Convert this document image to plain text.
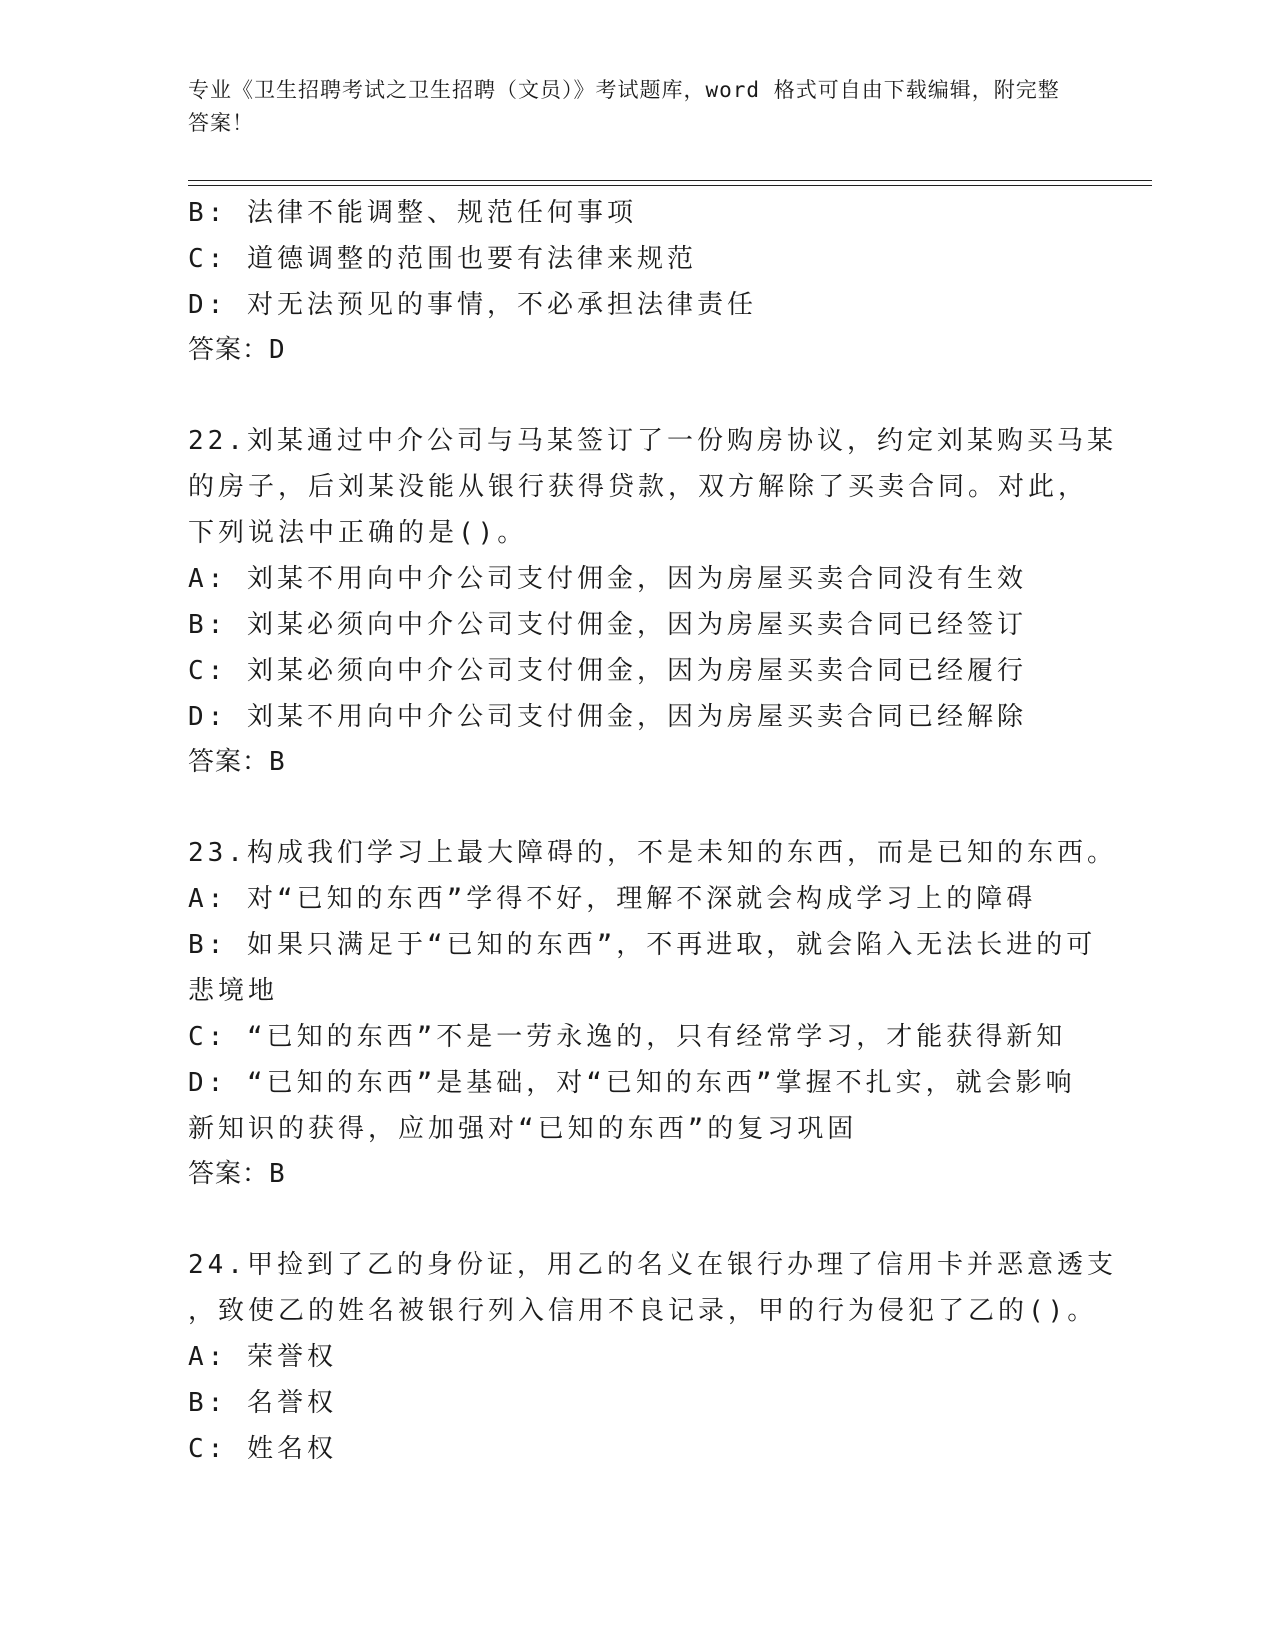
专业《卫生招聘考试之卫生招聘（文员）》考试题库，word 格式可自由下载编辑，附完整答案！
B: 法律不能调整、规范任何事项
C: 道德调整的范围也要有法律来规范
D: 对无法预见的事情，不必承担法律责任
答案：D
22.刘某通过中介公司与马某签订了一份购房协议，约定刘某购买马某
的房子，后刘某没能从银行获得贷款，双方解除了买卖合同。对此，
下列说法中正确的是()。
A: 刘某不用向中介公司支付佣金，因为房屋买卖合同没有生效
B: 刘某必须向中介公司支付佣金，因为房屋买卖合同已经签订
C: 刘某必须向中介公司支付佣金，因为房屋买卖合同已经履行
D: 刘某不用向中介公司支付佣金，因为房屋买卖合同已经解除
答案：B
23.构成我们学习上最大障碍的，不是未知的东西，而是已知的东西。
A: 对“已知的东西”学得不好，理解不深就会构成学习上的障碍
B: 如果只满足于“已知的东西”，不再进取，就会陷入无法长进的可
悲境地
C: “已知的东西”不是一劳永逸的，只有经常学习，才能获得新知
D: “已知的东西”是基础，对“已知的东西”掌握不扎实，就会影响
新知识的获得，应加强对“已知的东西”的复习巩固
答案：B
24.甲捡到了乙的身份证，用乙的名义在银行办理了信用卡并恶意透支
，致使乙的姓名被银行列入信用不良记录，甲的行为侵犯了乙的()。
A: 荣誉权
B: 名誉权
C: 姓名权
